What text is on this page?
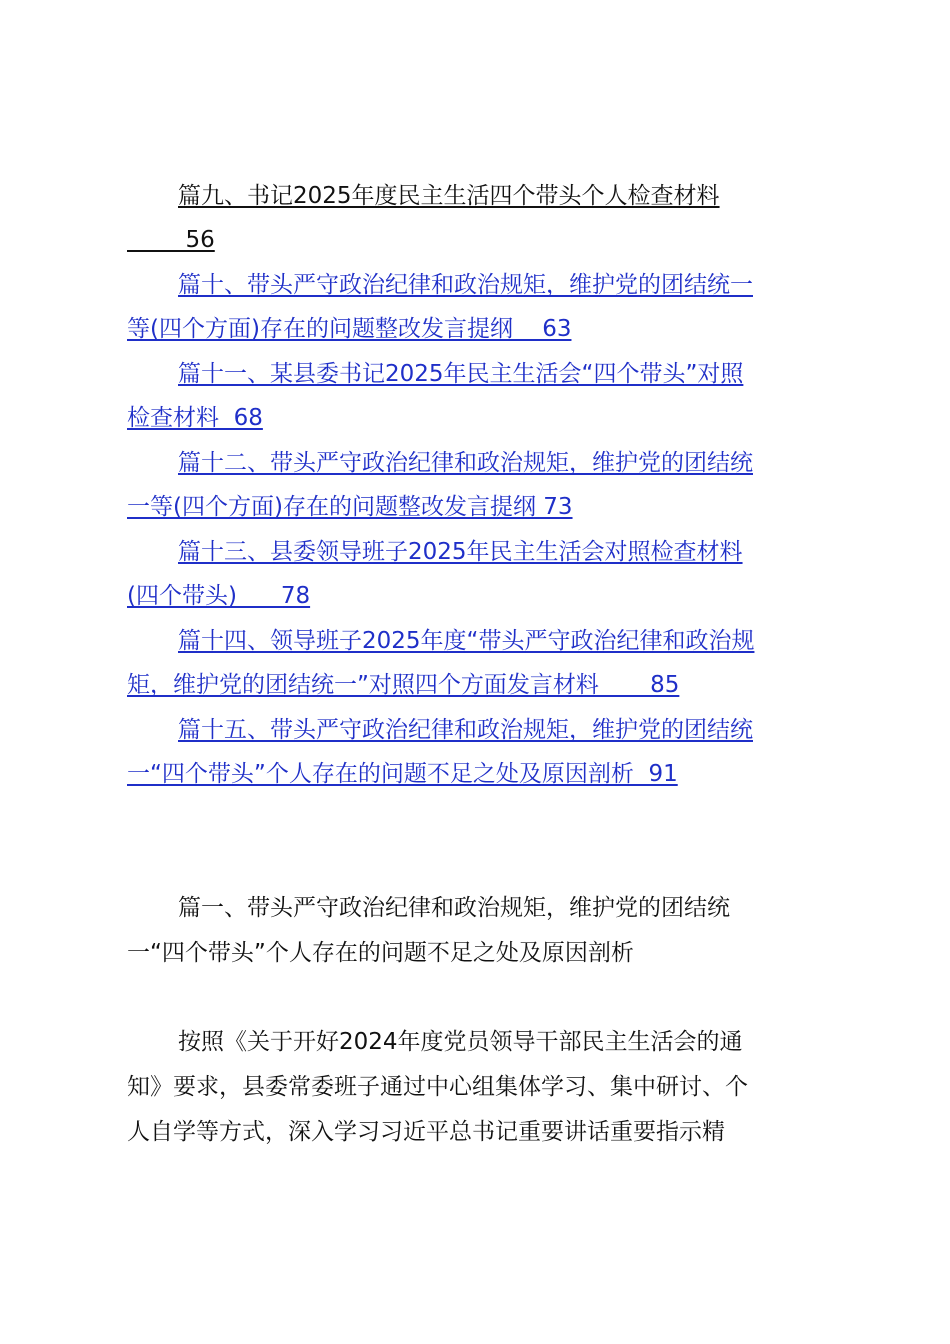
篇九、书记2025年度民主生活四个带头个人检查材料
56
篇十、带头严守政治纪律和政治规矩，维护党的团结统一
等(四个方面)存在的问题整改发言提纲    63
篇十一、某县委书记2025年民主生活会“四个带头”对照
检查材料  68
篇十二、带头严守政治纪律和政治规矩，维护党的团结统
一等(四个方面)存在的问题整改发言提纲 73
篇十三、县委领导班子2025年民主生活会对照检查材料
(四个带头)      78
篇十四、领导班子2025年度“带头严守政治纪律和政治规
矩，维护党的团结统一”对照四个方面发言材料       85
篇十五、带头严守政治纪律和政治规矩，维护党的团结统
一“四个带头”个人存在的问题不足之处及原因剖析  91
篇一、带头严守政治纪律和政治规矩，维护党的团结统
一“四个带头”个人存在的问题不足之处及原因剖析
按照《关于开好2024年度党员领导干部民主生活会的通
知》要求，县委常委班子通过中心组集体学习、集中研讨、个
人自学等方式，深入学习习近平总书记重要讲话重要指示精
